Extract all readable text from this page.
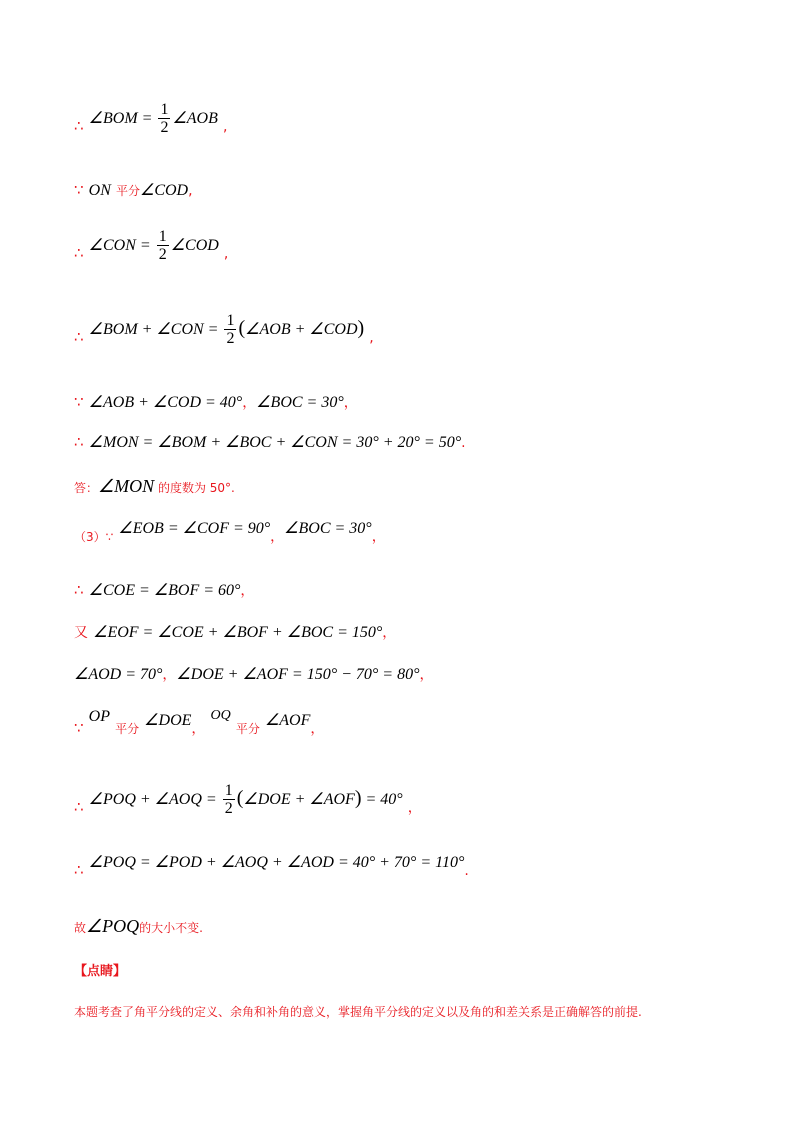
∴ ∠BOM = $\frac{1}{2}$ ∠AOB ,
∵ ON 平分∠COD,
∴ ∠CON = $\frac{1}{2}$ ∠COD ,
∴ ∠BOM + ∠CON = $\frac{1}{2}$ (∠AOB + ∠COD) ,
∵ ∠AOB + ∠COD = 40°，∠BOC = 30°，
∴ ∠MON = ∠BOM + ∠BOC + ∠CON = 30° + 20° = 50°.
答：∠MON 的度数为 50°.
$_{(3)\because}$ ∠EOB = ∠COF = 90°，∠BOC = 30°，
∴ ∠COE = ∠BOF = 60°，
又 ∠EOF = ∠COE + ∠BOF + ∠BOC = 150°，
∠AOD = 70°，∠DOE + ∠AOF = 150° − 70° = 80°，
∵ OP $_{平分}$ ∠DOE， OQ $_{平分}$ ∠AOF，
∴ ∠POQ + ∠AOQ = $\frac{1}{2}$ (∠DOE + ∠AOF) = 40° ，
∴ ∠POQ = ∠POD + ∠AOQ + ∠AOD = 40° + 70° = 110°.
故∠POQ的大小不变.
【点睛】
本题考查了角平分线的定义、余角和补角的意义，掌握角平分线的定义以及角的和差关系是正确解答的前提.
